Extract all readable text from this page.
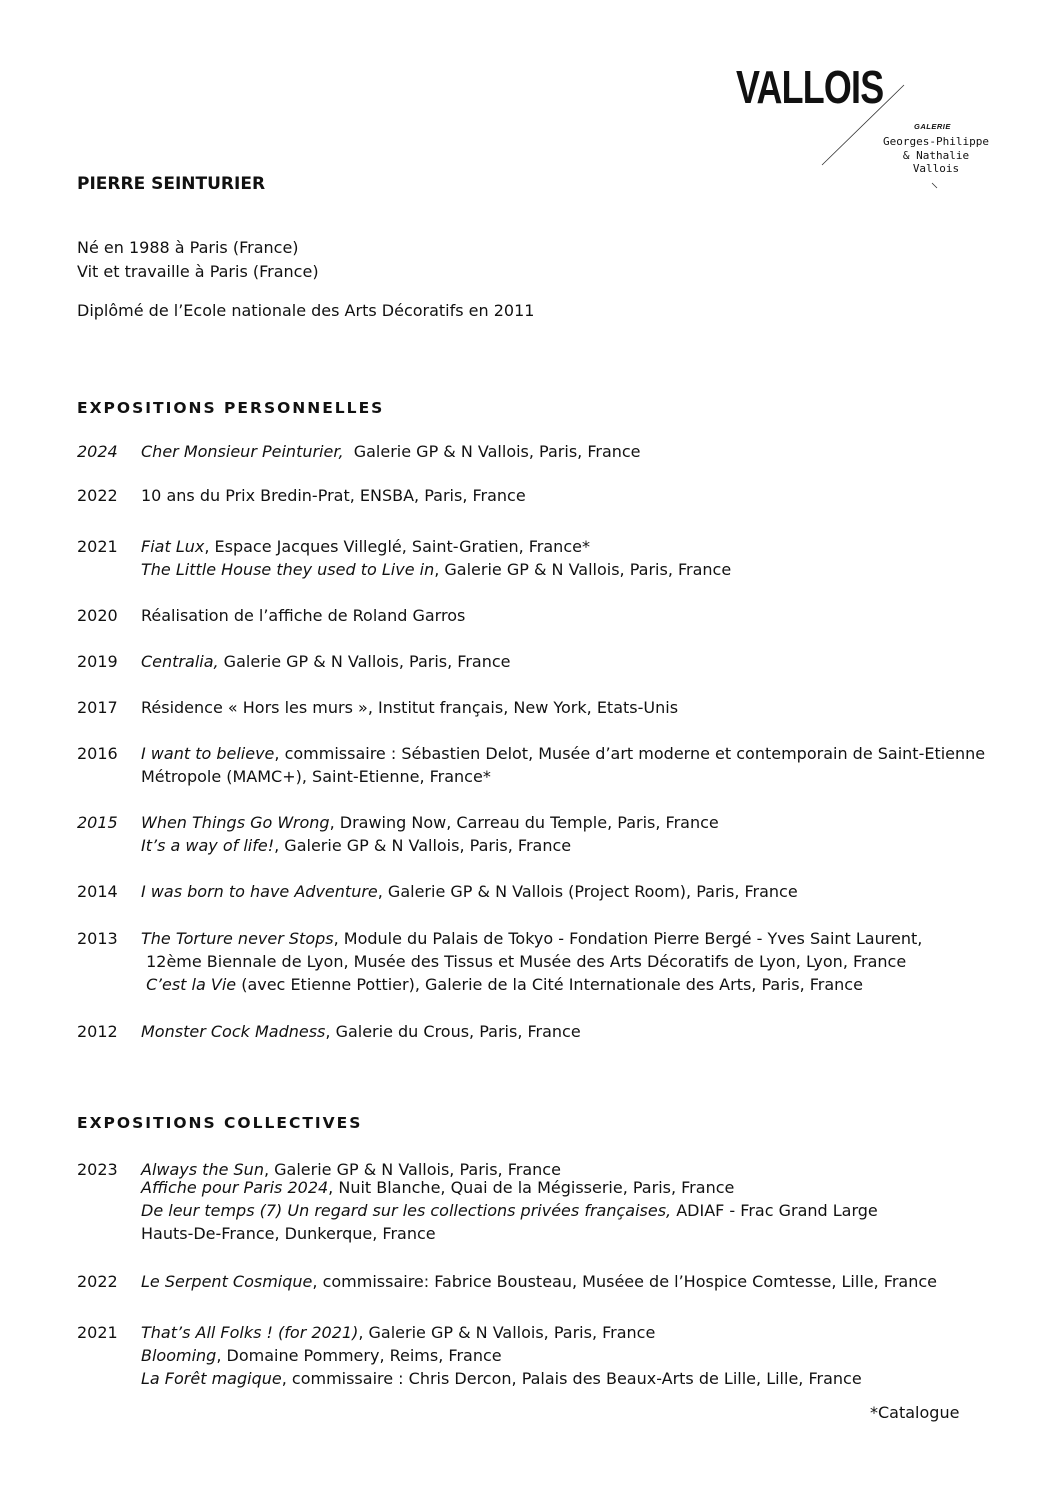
VALLOIS
GALERIE
Georges-Philippe
& Nathalie
Vallois
PIERRE SEINTURIER
Né en 1988 à Paris (France)
Vit et travaille à Paris (France)
Diplômé de l’Ecole nationale des Arts Décoratifs en 2011
EXPOSITIONS PERSONNELLES
2024	Cher Monsieur Peinturier,  Galerie GP & N Vallois, Paris, France
2022	10 ans du Prix Bredin-Prat, ENSBA, Paris, France
2021	Fiat Lux, Espace Jacques Villeglé, Saint-Gratien, France*
The Little House they used to Live in, Galerie GP & N Vallois, Paris, France
2020	Réalisation de l’affiche de Roland Garros
2019	Centralia, Galerie GP & N Vallois, Paris, France
2017	Résidence « Hors les murs », Institut français, New York, Etats-Unis
2016	I want to believe, commissaire : Sébastien Delot, Musée d’art moderne et contemporain de Saint-Etienne
Métropole (MAMC+), Saint-Etienne, France*
2015	When Things Go Wrong, Drawing Now, Carreau du Temple, Paris, France
It’s a way of life!, Galerie GP & N Vallois, Paris, France
2014	I was born to have Adventure, Galerie GP & N Vallois (Project Room), Paris, France
2013	The Torture never Stops, Module du Palais de Tokyo - Fondation Pierre Bergé - Yves Saint Laurent,
12ème Biennale de Lyon, Musée des Tissus et Musée des Arts Décoratifs de Lyon, Lyon, France
C’est la Vie (avec Etienne Pottier), Galerie de la Cité Internationale des Arts, Paris, France
2012	Monster Cock Madness, Galerie du Crous, Paris, France
EXPOSITIONS COLLECTIVES
2023	Always the Sun, Galerie GP & N Vallois, Paris, France
Affiche pour Paris 2024, Nuit Blanche, Quai de la Mégisserie, Paris, France
De leur temps (7) Un regard sur les collections privées françaises, ADIAF - Frac Grand Large
Hauts-De-France, Dunkerque, France
2022	Le Serpent Cosmique, commissaire: Fabrice Bousteau, Muséee de l’Hospice Comtesse, Lille, France
2021	That’s All Folks ! (for 2021), Galerie GP & N Vallois, Paris, France
Blooming, Domaine Pommery, Reims, France
La Forêt magique, commissaire : Chris Dercon, Palais des Beaux-Arts de Lille, Lille, France
*Catalogue
